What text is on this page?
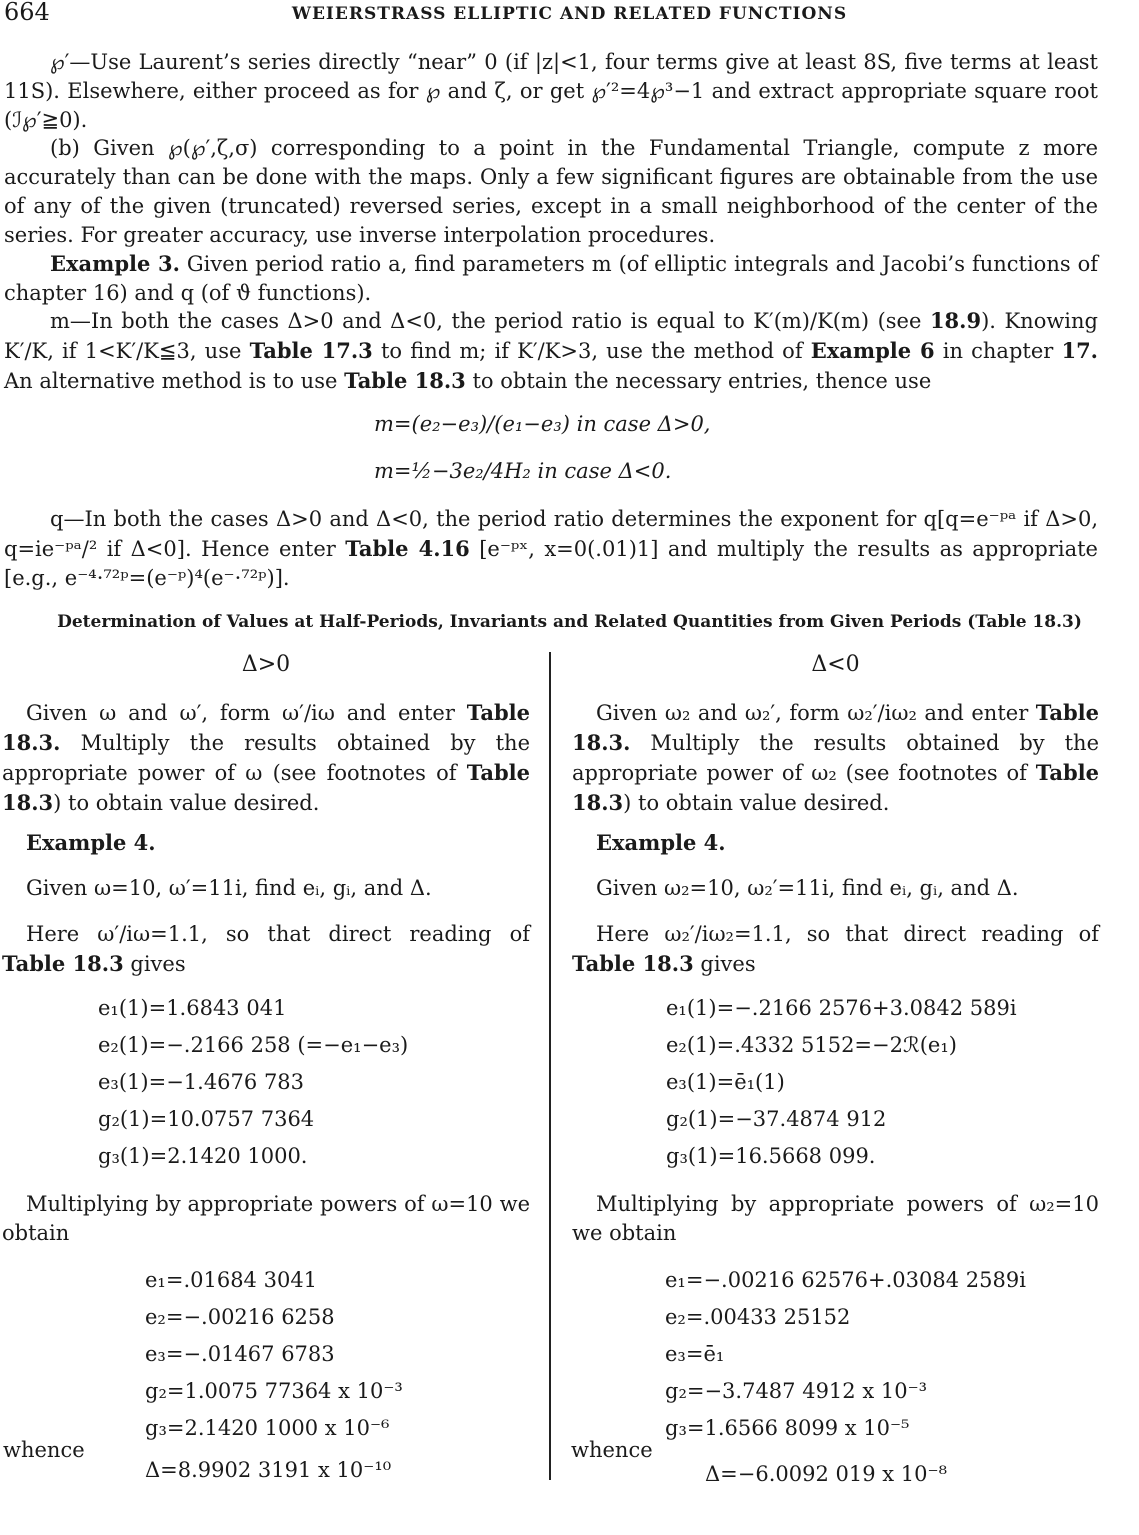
664	WEIERSTRASS ELLIPTIC AND RELATED FUNCTIONS
℘′—Use Laurent’s series directly “near” 0 (if |z|<1, four terms give at least 8S, five terms at least 11S). Elsewhere, either proceed as for ℘ and ζ, or get ℘′²=4℘³−1 and extract appropriate square root (ℐ℘′≧0).
(b) Given ℘(℘′,ζ,σ) corresponding to a point in the Fundamental Triangle, compute z more accurately than can be done with the maps. Only a few significant figures are obtainable from the use of any of the given (truncated) reversed series, except in a small neighborhood of the center of the series. For greater accuracy, use inverse interpolation procedures.
Example 3. Given period ratio a, find parameters m (of elliptic integrals and Jacobi’s functions of chapter 16) and q (of ϑ functions).
m—In both the cases Δ>0 and Δ<0, the period ratio is equal to K′(m)/K(m) (see 18.9). Knowing K′/K, if 1<K′/K≦3, use Table 17.3 to find m; if K′/K>3, use the method of Example 6 in chapter 17. An alternative method is to use Table 18.3 to obtain the necessary entries, thence use
m=(e₂−e₃)/(e₁−e₃) in case Δ>0,
m=½−3e₂/4H₂ in case Δ<0.
q—In both the cases Δ>0 and Δ<0, the period ratio determines the exponent for q[q=e⁻ᵖᵃ if Δ>0, q=ie⁻ᵖᵃ/² if Δ<0]. Hence enter Table 4.16 [e⁻ᵖˣ, x=0(.01)1] and multiply the results as appropriate [e.g., e⁻⁴·⁷²ᵖ=(e⁻ᵖ)⁴(e⁻·⁷²ᵖ)].
Determination of Values at Half-Periods, Invariants and Related Quantities from Given Periods (Table 18.3)
Δ>0
Given ω and ω′, form ω′/iω and enter Table 18.3. Multiply the results obtained by the appropriate power of ω (see footnotes of Table 18.3) to obtain value desired.
Example 4.
Given ω=10, ω′=11i, find eᵢ, gᵢ, and Δ.
Here ω′/iω=1.1, so that direct reading of Table 18.3 gives
e₁(1)=1.6843 041
e₂(1)=−.2166 258 (=−e₁−e₃)
e₃(1)=−1.4676 783
g₂(1)=10.0757 7364
g₃(1)=2.1420 1000.
Multiplying by appropriate powers of ω=10 we obtain
e₁=.01684 3041
e₂=−.00216 6258
e₃=−.01467 6783
g₂=1.0075 77364 x 10⁻³
g₃=2.1420 1000 x 10⁻⁶
whence
Δ=8.9902 3191 x 10⁻¹⁰
Δ<0
Given ω₂ and ω₂′, form ω₂′/iω₂ and enter Table 18.3. Multiply the results obtained by the appropriate power of ω₂ (see footnotes of Table 18.3) to obtain value desired.
Example 4.
Given ω₂=10, ω₂′=11i, find eᵢ, gᵢ, and Δ.
Here ω₂′/iω₂=1.1, so that direct reading of Table 18.3 gives
e₁(1)=−.2166 2576+3.0842 589i
e₂(1)=.4332 5152=−2ℛ(e₁)
e₃(1)=ē₁(1)
g₂(1)=−37.4874 912
g₃(1)=16.5668 099.
Multiplying by appropriate powers of ω₂=10 we obtain
e₁=−.00216 62576+.03084 2589i
e₂=.00433 25152
e₃=ē₁
g₂=−3.7487 4912 x 10⁻³
g₃=1.6566 8099 x 10⁻⁵
whence
Δ=−6.0092 019 x 10⁻⁸
